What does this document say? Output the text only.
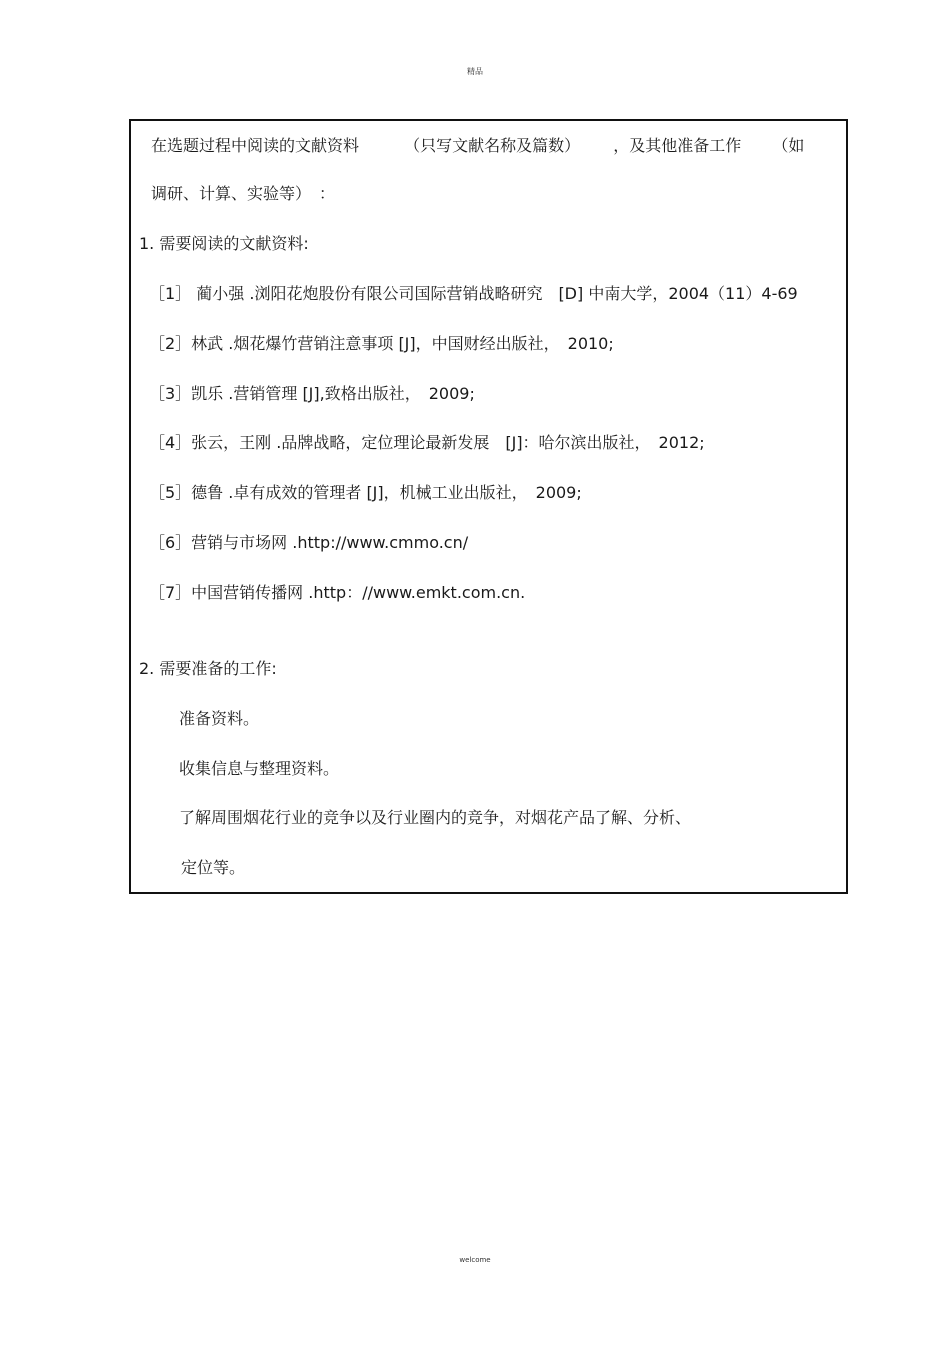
精品
在选题过程中阅读的文献资料	（只写文献名称及篇数） ，及其他准备工作 （如
调研、计算、实验等）　：
1. 需要阅读的文献资料:
［1］ 蔺小强 .浏阳花炮股份有限公司国际营销战略研究　[D] 中南大学，2004（11）4-69
［2］林武 .烟花爆竹营销注意事项 [J]，中国财经出版社，　2010;
［3］凯乐 .营销管理 [J],致格出版社，　2009;
［4］张云，王刚 .品牌战略，定位理论最新发展　[J]：哈尔滨出版社，　2012;
［5］德鲁 .卓有成效的管理者 [J]，机械工业出版社，　2009;
［6］营销与市场网 .http://www.cmmo.cn/
［7］中国营销传播网 .http：//www.emkt.com.cn.
2. 需要准备的工作:
准备资料。
收集信息与整理资料。
了解周围烟花行业的竞争以及行业圈内的竞争，对烟花产品了解、分析、
定位等。
welcome
